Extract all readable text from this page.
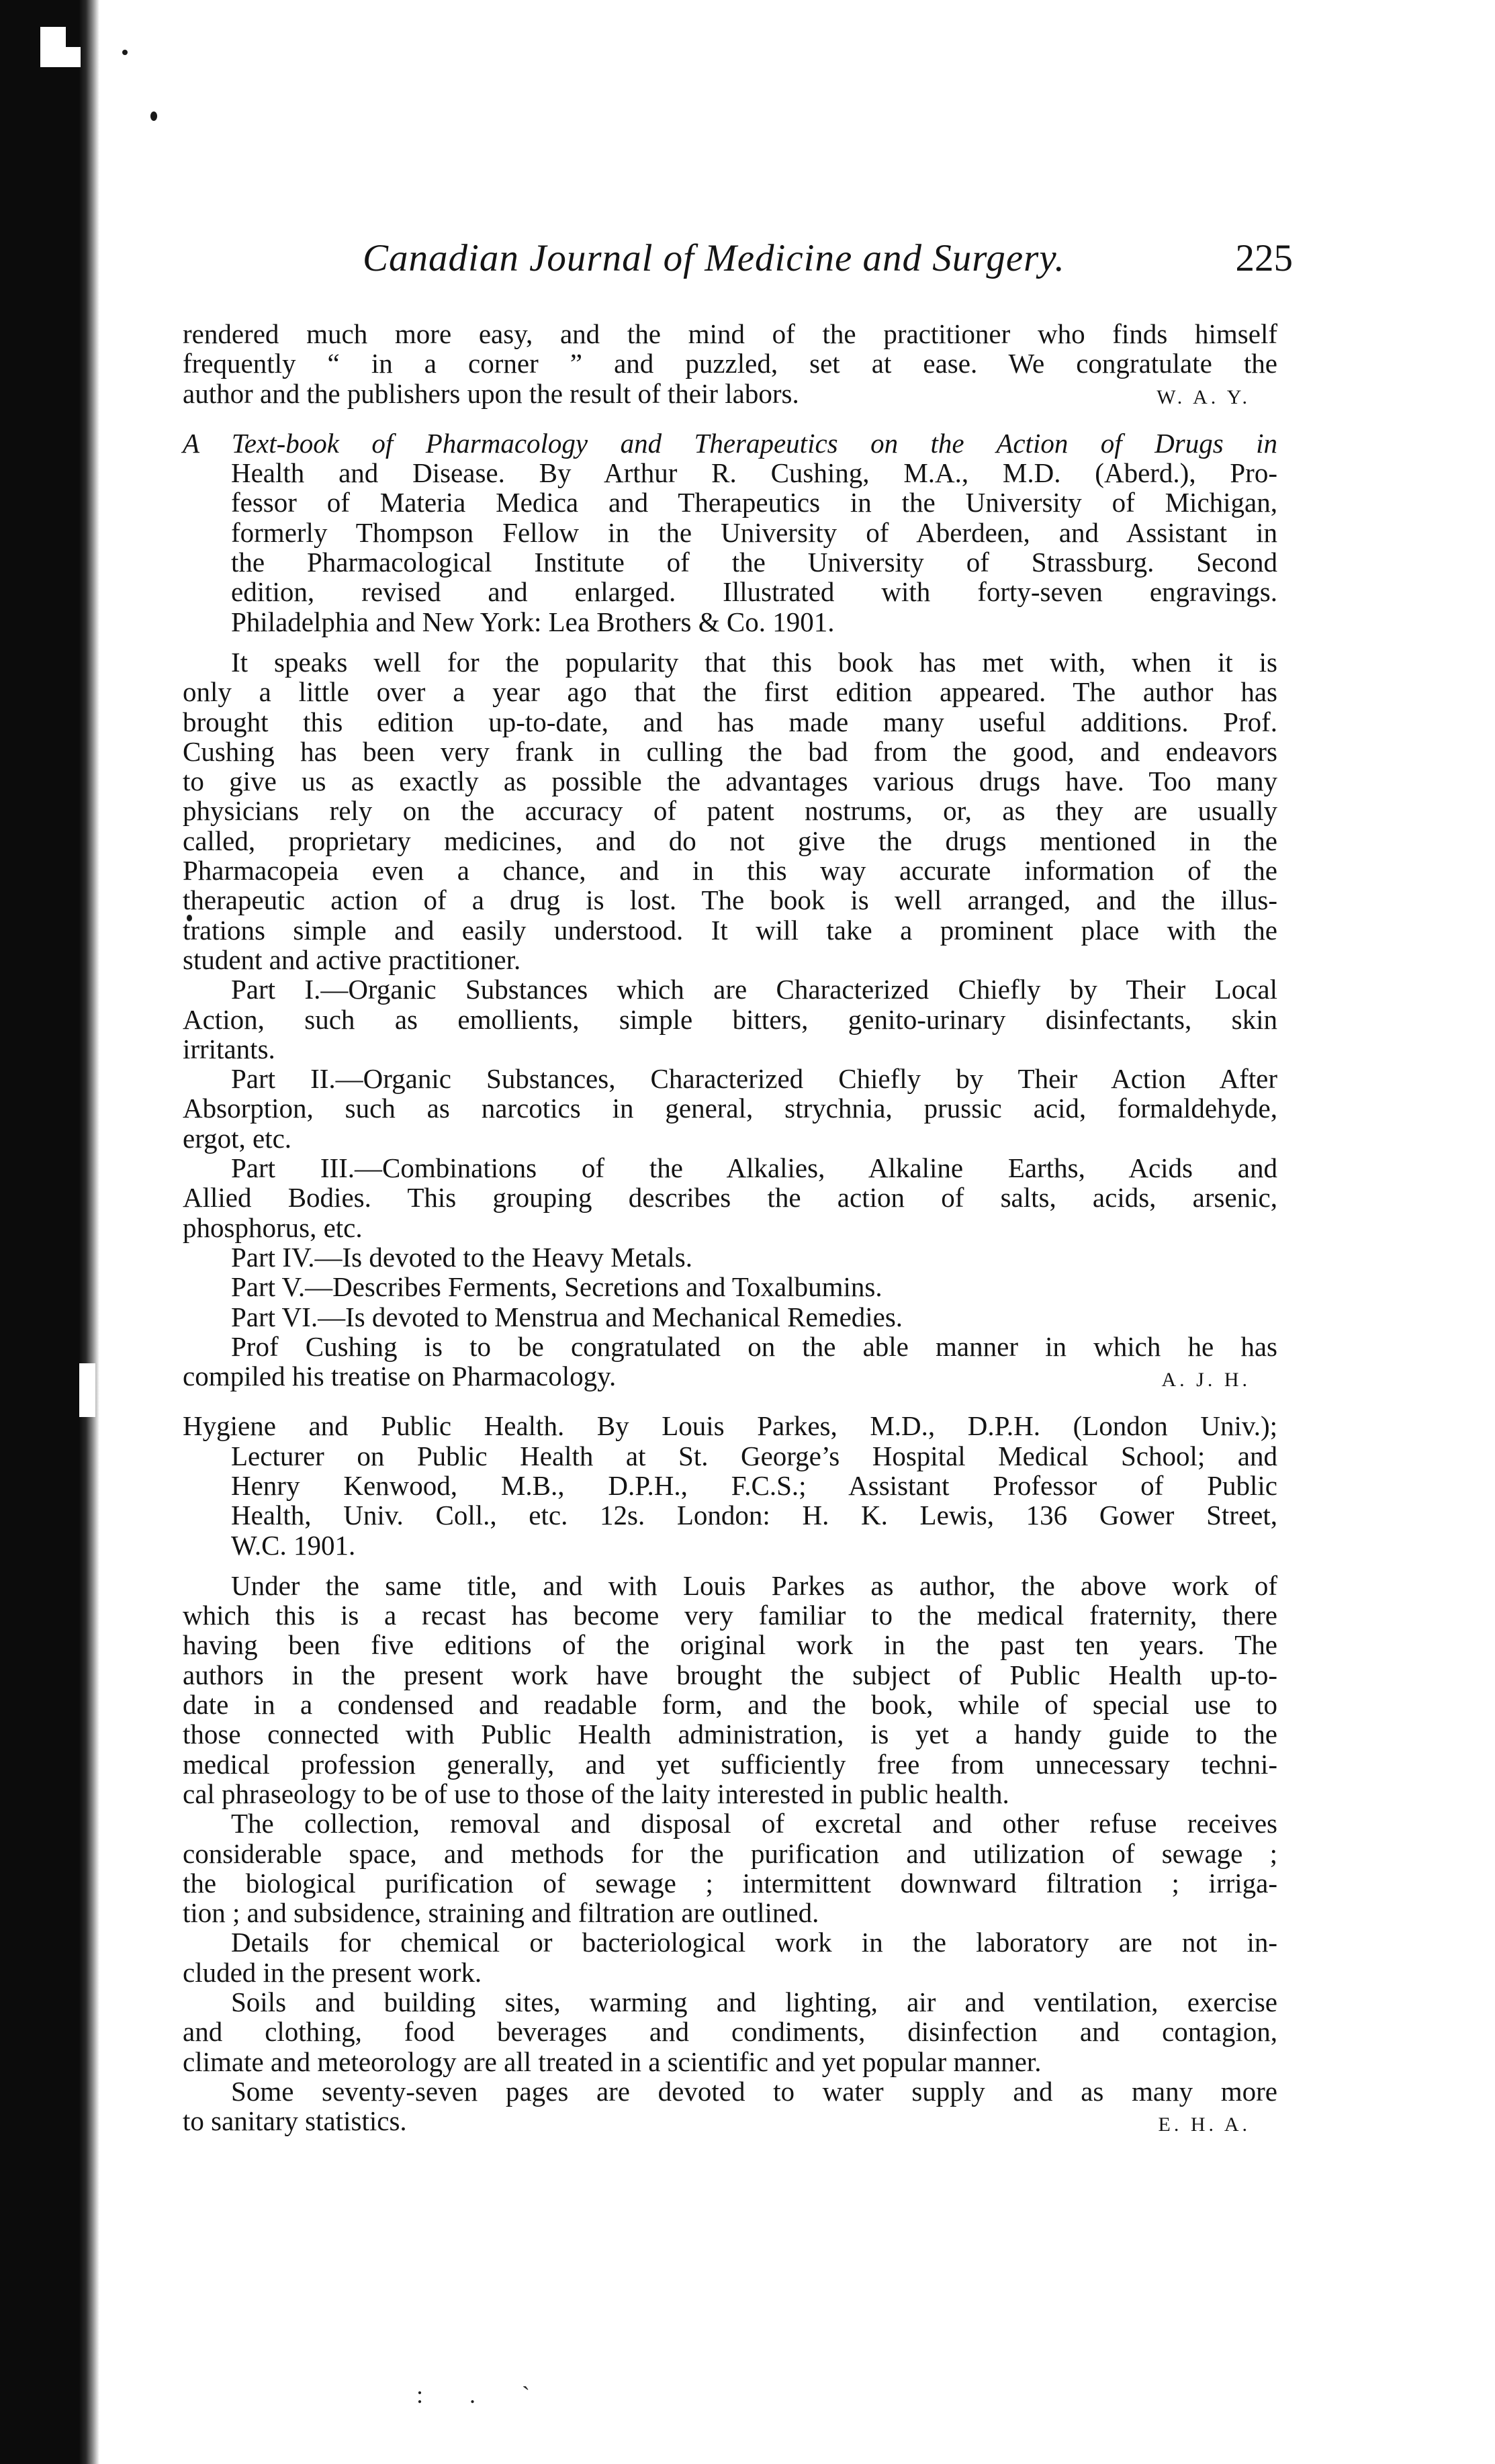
Canadian Journal of Medicine and Surgery.	225
rendered much more easy, and the mind of the practitioner who finds himself
frequently “ in a corner ” and puzzled, set at ease. We congratulate the
author and the publishers upon the result of their labors.	W. A. Y.
A Text-book of Pharmacology and Therapeutics on the Action of Drugs in
Health and Disease. By Arthur R. Cushing, M.A., M.D. (Aberd.), Pro-
fessor of Materia Medica and Therapeutics in the University of Michigan,
formerly Thompson Fellow in the University of Aberdeen, and Assistant in
the Pharmacological Institute of the University of Strassburg. Second
edition, revised and enlarged. Illustrated with forty-seven engravings.
Philadelphia and New York: Lea Brothers & Co. 1901.
It speaks well for the popularity that this book has met with, when it is
only a little over a year ago that the first edition appeared. The author has
brought this edition up-to-date, and has made many useful additions. Prof.
Cushing has been very frank in culling the bad from the good, and endeavors
to give us as exactly as possible the advantages various drugs have. Too many
physicians rely on the accuracy of patent nostrums, or, as they are usually
called, proprietary medicines, and do not give the drugs mentioned in the
Pharmacopeia even a chance, and in this way accurate information of the
therapeutic action of a drug is lost. The book is well arranged, and the illus-
trations simple and easily understood. It will take a prominent place with the
student and active practitioner.
Part I.—Organic Substances which are Characterized Chiefly by Their Local
Action, such as emollients, simple bitters, genito-urinary disinfectants, skin
irritants.
Part II.—Organic Substances, Characterized Chiefly by Their Action After
Absorption, such as narcotics in general, strychnia, prussic acid, formaldehyde,
ergot, etc.
Part III.—Combinations of the Alkalies, Alkaline Earths, Acids and
Allied Bodies. This grouping describes the action of salts, acids, arsenic,
phosphorus, etc.
Part IV.—Is devoted to the Heavy Metals.
Part V.—Describes Ferments, Secretions and Toxalbumins.
Part VI.—Is devoted to Menstrua and Mechanical Remedies.
Prof Cushing is to be congratulated on the able manner in which he has
compiled his treatise on Pharmacology.	A. J. H.
Hygiene and Public Health. By Louis Parkes, M.D., D.P.H. (London Univ.);
Lecturer on Public Health at St. George’s Hospital Medical School; and
Henry Kenwood, M.B., D.P.H., F.C.S.; Assistant Professor of Public
Health, Univ. Coll., etc. 12s. London: H. K. Lewis, 136 Gower Street,
W.C. 1901.
Under the same title, and with Louis Parkes as author, the above work of
which this is a recast has become very familiar to the medical fraternity, there
having been five editions of the original work in the past ten years. The
authors in the present work have brought the subject of Public Health up-to-
date in a condensed and readable form, and the book, while of special use to
those connected with Public Health administration, is yet a handy guide to the
medical profession generally, and yet sufficiently free from unnecessary techni-
cal phraseology to be of use to those of the laity interested in public health.
The collection, removal and disposal of excretal and other refuse receives
considerable space, and methods for the purification and utilization of sewage ;
the biological purification of sewage ; intermittent downward filtration ; irriga-
tion ; and subsidence, straining and filtration are outlined.
Details for chemical or bacteriological work in the laboratory are not in-
cluded in the present work.
Soils and building sites, warming and lighting, air and ventilation, exercise
and clothing, food beverages and condiments, disinfection and contagion,
climate and meteorology are all treated in a scientific and yet popular manner.
Some seventy-seven pages are devoted to water supply and as many more
to sanitary statistics.	E. H. A.
: . `
